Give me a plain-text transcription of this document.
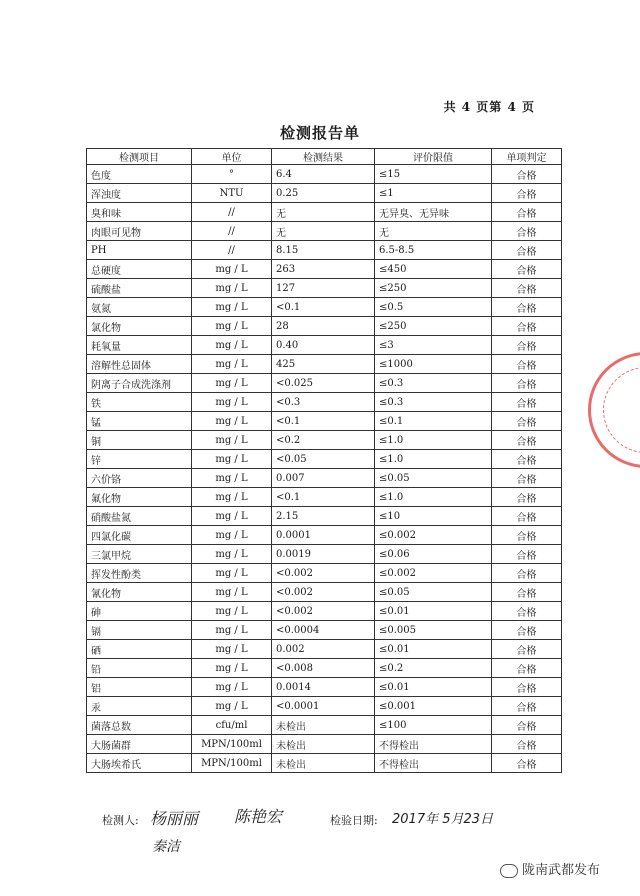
共 4 页第 4 页
检测报告单
检测项目	单位	检测结果	评价限值	单项判定
色度	°	6.4	≤15	合格
浑浊度	NTU	0.25	≤1	合格
臭和味	//	无	无异臭、无异味	合格
肉眼可见物	//	无	无	合格
PH	//	8.15	6.5-8.5	合格
总硬度	mg / L	263	≤450	合格
硫酸盐	mg / L	127	≤250	合格
氨氮	mg / L	<0.1	≤0.5	合格
氯化物	mg / L	28	≤250	合格
耗氧量	mg / L	0.40	≤3	合格
溶解性总固体	mg / L	425	≤1000	合格
阴离子合成洗涤剂	mg / L	<0.025	≤0.3	合格
铁	mg / L	<0.3	≤0.3	合格
锰	mg / L	<0.1	≤0.1	合格
铜	mg / L	<0.2	≤1.0	合格
锌	mg / L	<0.05	≤1.0	合格
六价铬	mg / L	0.007	≤0.05	合格
氟化物	mg / L	<0.1	≤1.0	合格
硝酸盐氮	mg / L	2.15	≤10	合格
四氯化碳	mg / L	0.0001	≤0.002	合格
三氯甲烷	mg / L	0.0019	≤0.06	合格
挥发性酚类	mg / L	<0.002	≤0.002	合格
氰化物	mg / L	<0.002	≤0.05	合格
砷	mg / L	<0.002	≤0.01	合格
镉	mg / L	<0.0004	≤0.005	合格
硒	mg / L	0.002	≤0.01	合格
铅	mg / L	<0.008	≤0.2	合格
铝	mg / L	0.0014	≤0.01	合格
汞	mg / L	<0.0001	≤0.001	合格
菌落总数	cfu/ml	未检出	≤100	合格
大肠菌群	MPN/100ml	未检出	不得检出	合格
大肠埃希氏	MPN/100ml	未检出	不得检出	合格
检测人: 杨丽丽 陈艳宏	检验日期: 2017年 5月23日
秦洁
陇南武都发布
